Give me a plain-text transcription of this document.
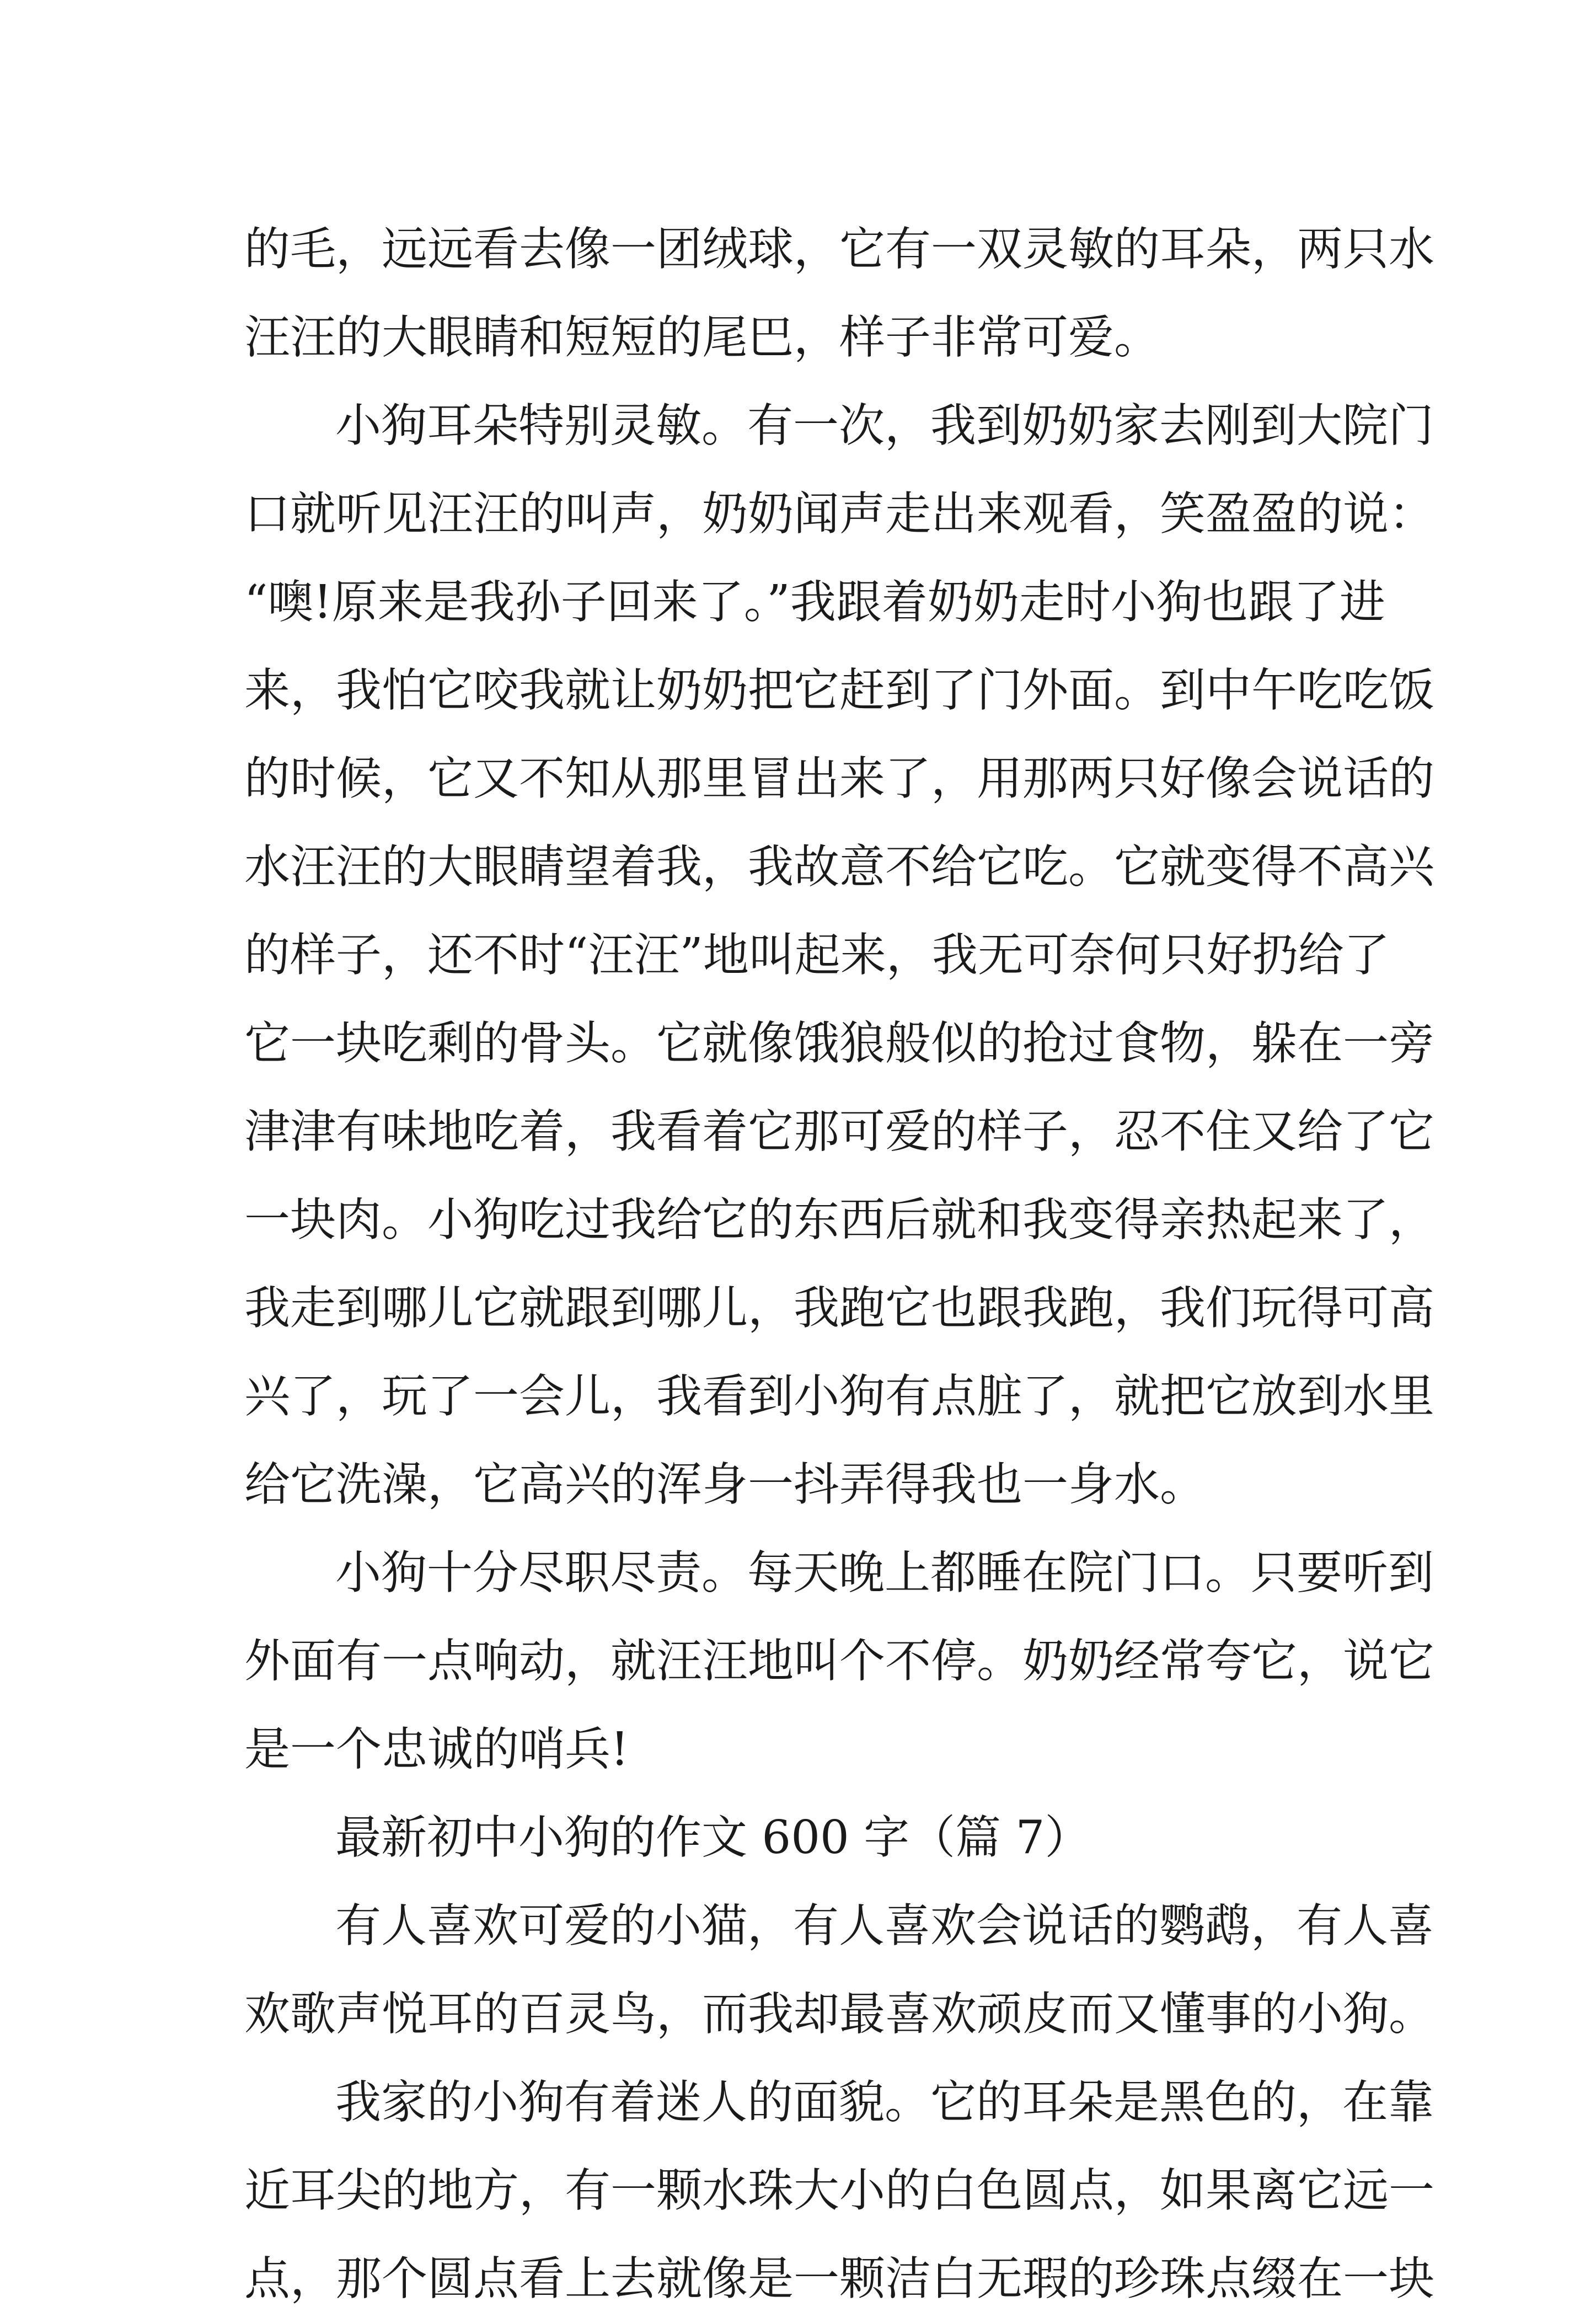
的毛，远远看去像一团绒球，它有一双灵敏的耳朵，两只水
汪汪的大眼睛和短短的尾巴，样子非常可爱。
小狗耳朵特别灵敏。有一次，我到奶奶家去刚到大院门
口就听见汪汪的叫声，奶奶闻声走出来观看，笑盈盈的说：
“噢!原来是我孙子回来了。”我跟着奶奶走时小狗也跟了进
来，我怕它咬我就让奶奶把它赶到了门外面。到中午吃吃饭
的时候，它又不知从那里冒出来了，用那两只好像会说话的
水汪汪的大眼睛望着我，我故意不给它吃。它就变得不高兴
的样子，还不时“汪汪”地叫起来，我无可奈何只好扔给了
它一块吃剩的骨头。它就像饿狼般似的抢过食物，躲在一旁
津津有味地吃着，我看着它那可爱的样子，忍不住又给了它
一块肉。小狗吃过我给它的东西后就和我变得亲热起来了，
我走到哪儿它就跟到哪儿，我跑它也跟我跑，我们玩得可高
兴了，玩了一会儿，我看到小狗有点脏了，就把它放到水里
给它洗澡，它高兴的浑身一抖弄得我也一身水。
小狗十分尽职尽责。每天晚上都睡在院门口。只要听到
外面有一点响动，就汪汪地叫个不停。奶奶经常夸它，说它
是一个忠诚的哨兵!
最新初中小狗的作文 600 字（篇 7）
有人喜欢可爱的小猫，有人喜欢会说话的鹦鹉，有人喜
欢歌声悦耳的百灵鸟，而我却最喜欢顽皮而又懂事的小狗。
我家的小狗有着迷人的面貌。它的耳朵是黑色的，在靠
近耳尖的地方，有一颗水珠大小的白色圆点，如果离它远一
点，那个圆点看上去就像是一颗洁白无瑕的珍珠点缀在一块
